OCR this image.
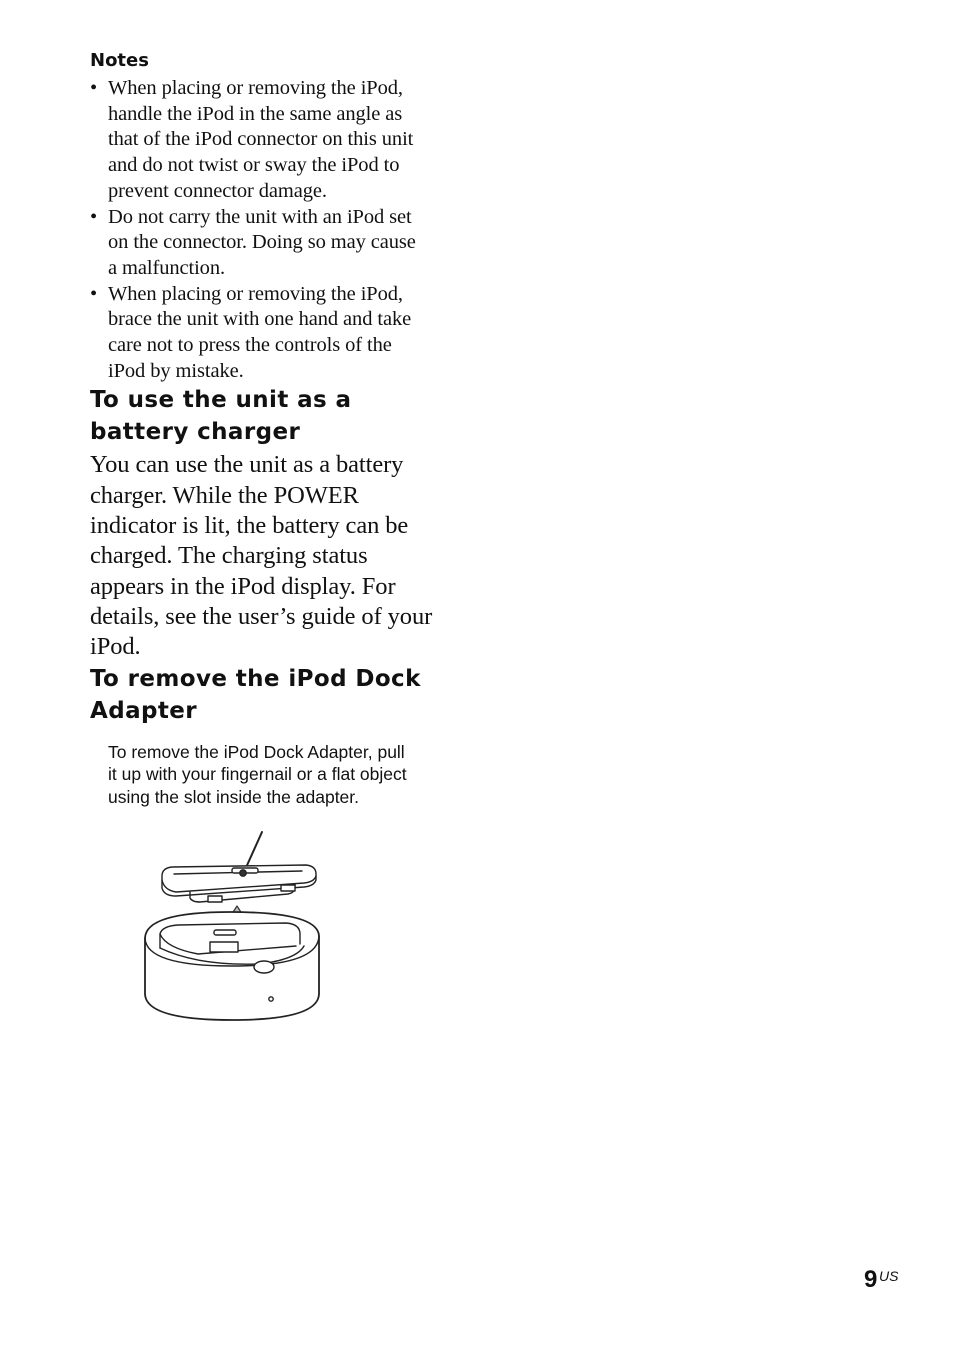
Notes

• When placing or removing the iPod,
handle the iPod in the same angle as
that of the iPod connector on this unit
and do not twist or sway the iPod to
prevent connector damage.
• Do not carry the unit with an iPod set
on the connector. Doing so may cause
a malfunction.
• When placing or removing the iPod,
brace the unit with one hand and take
care not to press the controls of the
iPod by mistake.
To use the unit as a
battery charger

You can use the unit as a battery
charger. While the POWER
indicator is lit, the battery can be
charged. The charging status
appears in the iPod display. For
details, see the user’s guide of your
iPod.

To remove the iPod Dock
Adapter

To remove the iPod Dock Adapter, pull
it up with your fingernail or a flat object
using the slot inside the adapter.

9 US
